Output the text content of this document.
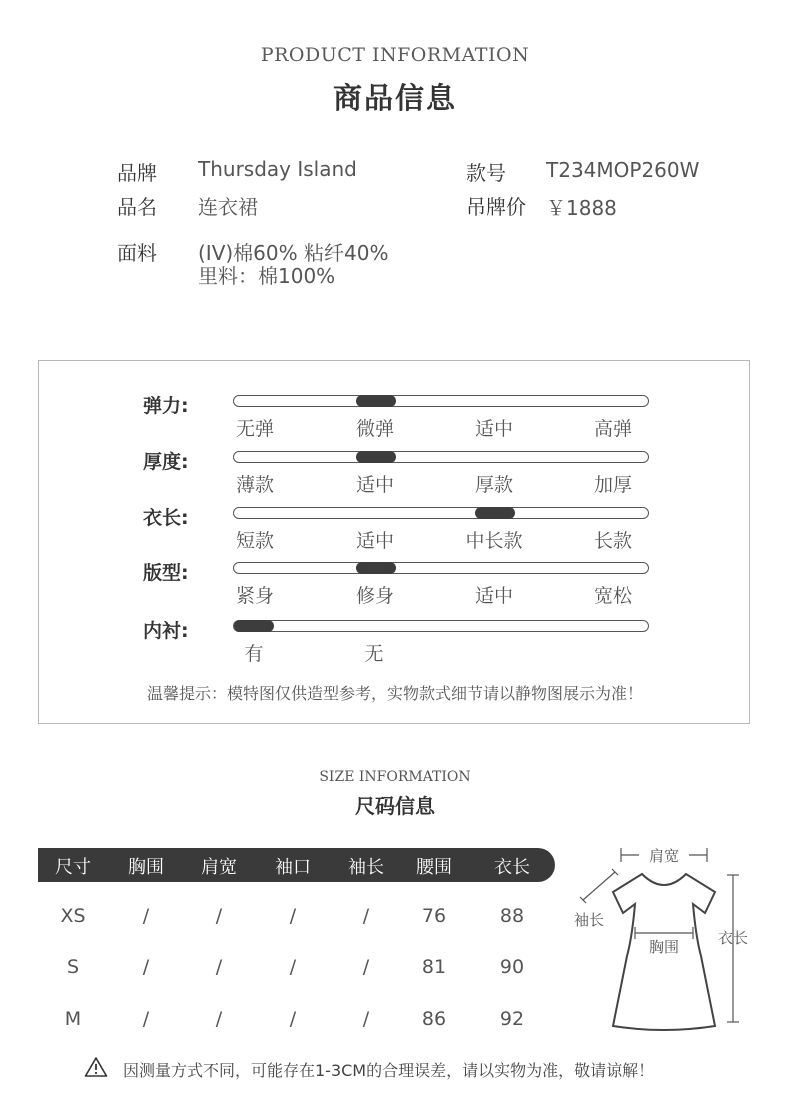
PRODUCT INFORMATION
商品信息
品牌 Thursday Island	款号 T234MOP260W
品名 连衣裙	吊牌价 ￥1888
面料 (IV)棉60% 粘纤40%
里料：棉100%
弹力:
无弹	微弹	适中	高弹
厚度:
薄款	适中	厚款	加厚
衣长:
短款	适中	中长款	长款
版型:
紧身	修身	适中	宽松
内衬:
有	无
温馨提示：模特图仅供造型参考，实物款式细节请以静物图展示为准！
SIZE INFORMATION
尺码信息
尺寸	胸围	肩宽	袖口	袖长	腰围	衣长
XS	/	/	/	/	76	88
S	/	/	/	/	81	90
M	/	/	/	/	86	92
肩宽
袖长
胸围	衣长
因测量方式不同，可能存在1-3CM的合理误差，请以实物为准，敬请谅解！
